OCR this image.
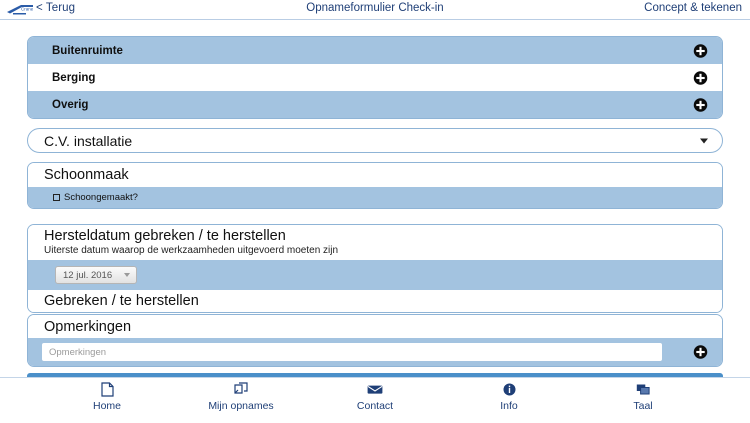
Crane < Terug	Opnameformulier Check-in	Concept & tekenen
Buitenruimte
Berging
Overig
C.V. installatie
Schoonmaak
Schoongemaakt?
Hersteldatum gebreken / te herstellen
Uiterste datum waarop de werkzaamheden uitgevoerd moeten zijn
12 jul. 2016
Gebreken / te herstellen
Opmerkingen
Opmerkingen
Home	Mijn opnames	Contact	Info	Taal
